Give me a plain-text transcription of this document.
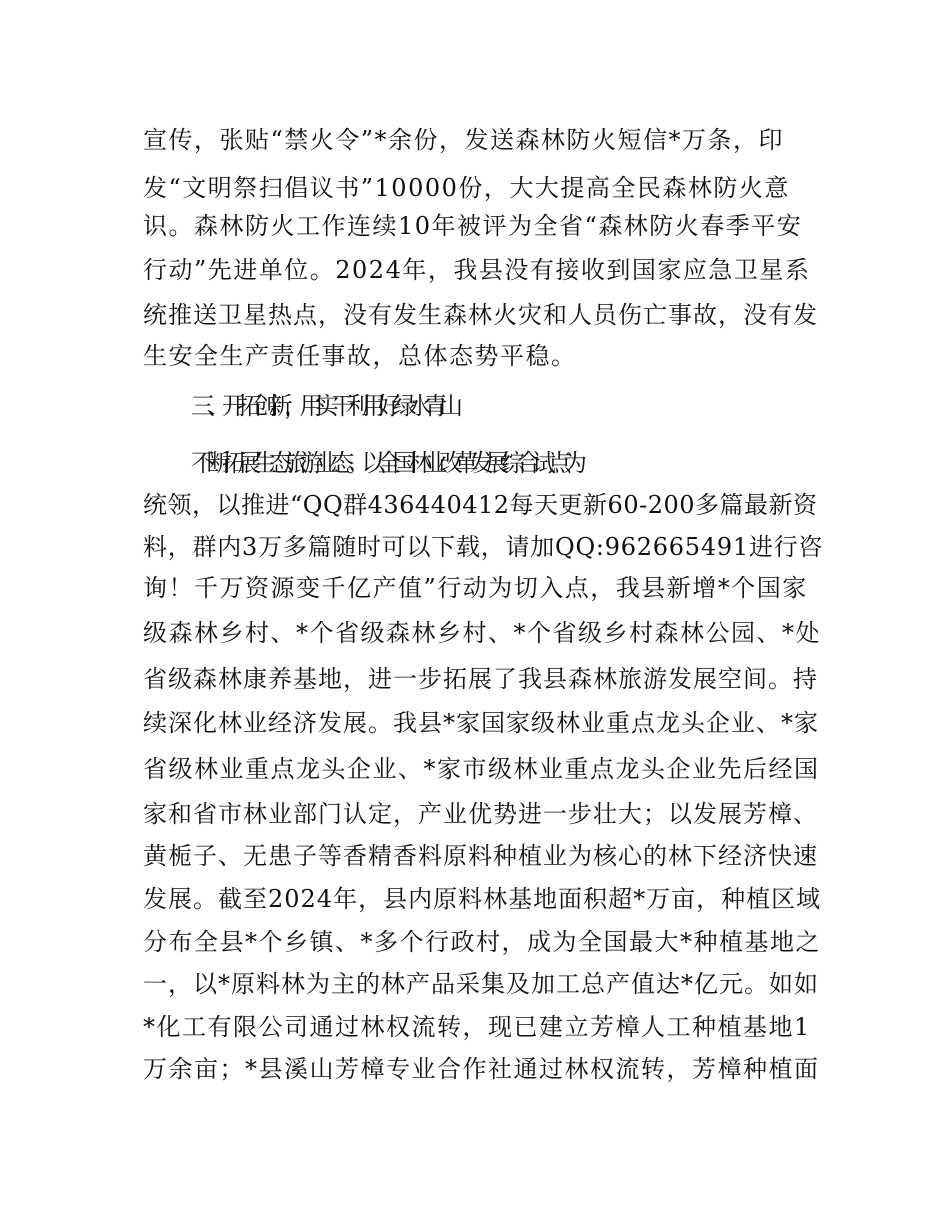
宣传，张贴“禁火令”*余份，发送森林防火短信*万条，印
发“文明祭扫倡议书”10000份，大大提高全民森林防火意
识。森林防火工作连续10年被评为全省“森林防火春季平安
行动”先进单位。2024年，我县没有接收到国家应急卫星系
统推送卫星热点，没有发生森林火灾和人员伤亡事故，没有发
生安全生产责任事故，总体态势平稳。
三、开拓创新，用实干利用好绿水青山
不断拓展生态旅游业态。以全国林业改革发展综合试点为
统领，以推进“QQ群436440412每天更新60-200多篇最新资
料，群内3万多篇随时可以下载，请加QQ:962665491进行咨
询！千万资源变千亿产值”行动为切入点，我县新增*个国家
级森林乡村、*个省级森林乡村、*个省级乡村森林公园、*处
省级森林康养基地，进一步拓展了我县森林旅游发展空间。持
续深化林业经济发展。我县*家国家级林业重点龙头企业、*家
省级林业重点龙头企业、*家市级林业重点龙头企业先后经国
家和省市林业部门认定，产业优势进一步壮大；以发展芳樟、
黄栀子、无患子等香精香料原料种植业为核心的林下经济快速
发展。截至2024年，县内原料林基地面积超*万亩，种植区域
分布全县*个乡镇、*多个行政村，成为全国最大*种植基地之
一，以*原料林为主的林产品采集及加工总产值达*亿元。如如
*化工有限公司通过林权流转，现已建立芳樟人工种植基地1
万余亩；*县溪山芳樟专业合作社通过林权流转，芳樟种植面
